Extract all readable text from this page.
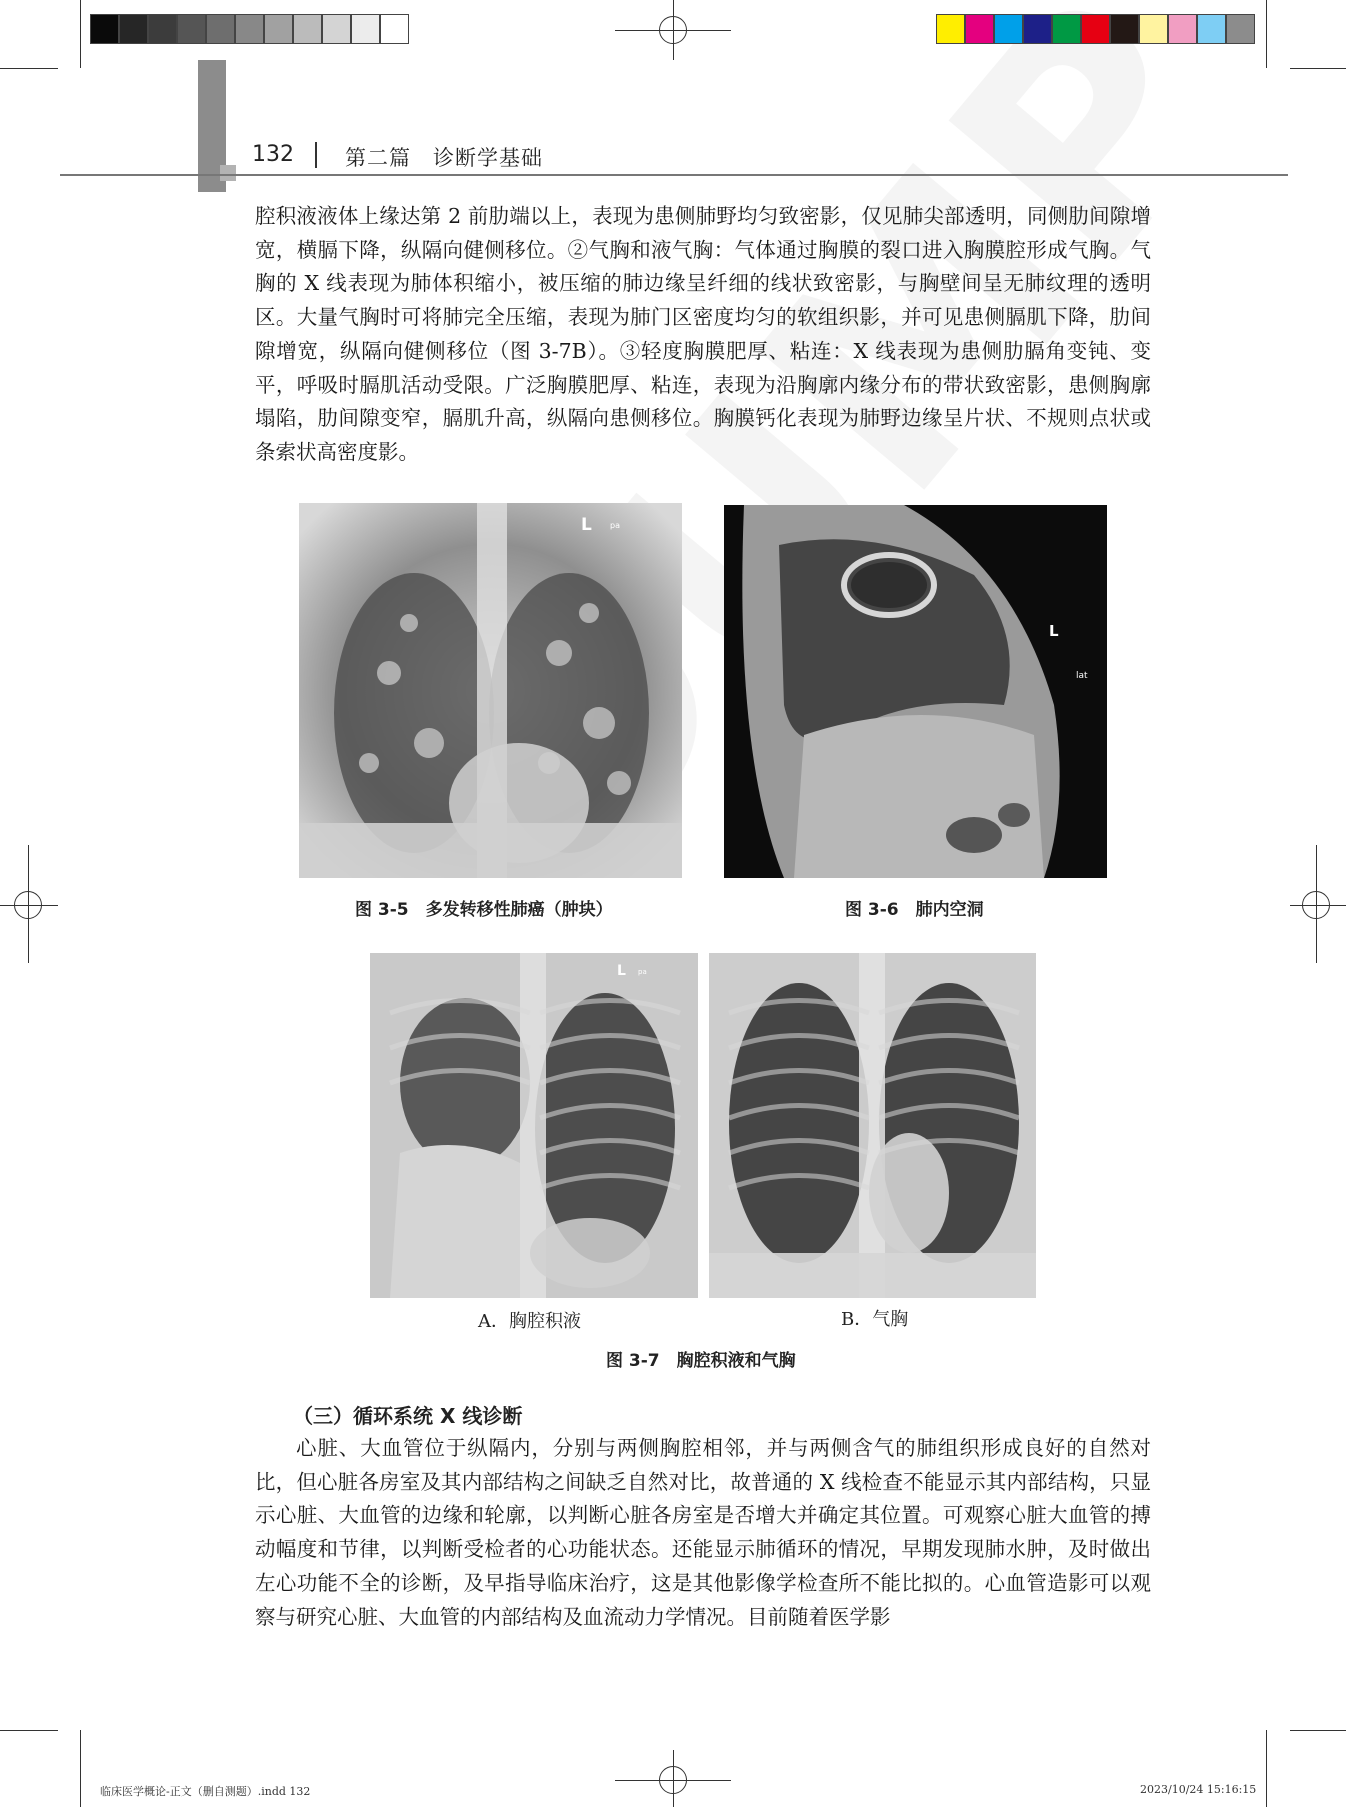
132 第二篇　诊断学基础

腔积液液体上缘达第 2 前肋端以上，表现为患侧肺野均匀致密影，仅见肺尖部透明，同侧肋间隙增宽，横膈下降，纵隔向健侧移位。②气胸和液气胸：气体通过胸膜的裂口进入胸膜腔形成气胸。气胸的 X 线表现为肺体积缩小，被压缩的肺边缘呈纤细的线状致密影，与胸壁间呈无肺纹理的透明区。大量气胸时可将肺完全压缩，表现为肺门区密度均匀的软组织影，并可见患侧膈肌下降，肋间隙增宽，纵隔向健侧移位（图 3-7B）。③轻度胸膜肥厚、粘连：X 线表现为患侧肋膈角变钝、变平，呼吸时膈肌活动受限。广泛胸膜肥厚、粘连，表现为沿胸廓内缘分布的带状致密影，患侧胸廓塌陷，肋间隙变窄，膈肌升高，纵隔向患侧移位。胸膜钙化表现为肺野边缘呈片状、不规则点状或条索状高密度影。

L pa
图 3-5　多发转移性肺癌（肿块）
L
lat
图 3-6　肺内空洞
L pa
A．胸腔积液	B．气胸
图 3-7　胸腔积液和气胸
（三）循环系统 X 线诊断

心脏、大血管位于纵隔内，分别与两侧胸腔相邻，并与两侧含气的肺组织形成良好的自然对比，但心脏各房室及其内部结构之间缺乏自然对比，故普通的 X 线检查不能显示其内部结构，只显示心脏、大血管的边缘和轮廓，以判断心脏各房室是否增大并确定其位置。可观察心脏大血管的搏动幅度和节律，以判断受检者的心功能状态。还能显示肺循环的情况，早期发现肺水肿，及时做出左心功能不全的诊断，及早指导临床治疗，这是其他影像学检查所不能比拟的。心血管造影可以观察与研究心脏、大血管的内部结构及血流动力学情况。目前随着医学影

临床医学概论-正文（删自测题）.indd 132	2023/10/24 15:16:15
